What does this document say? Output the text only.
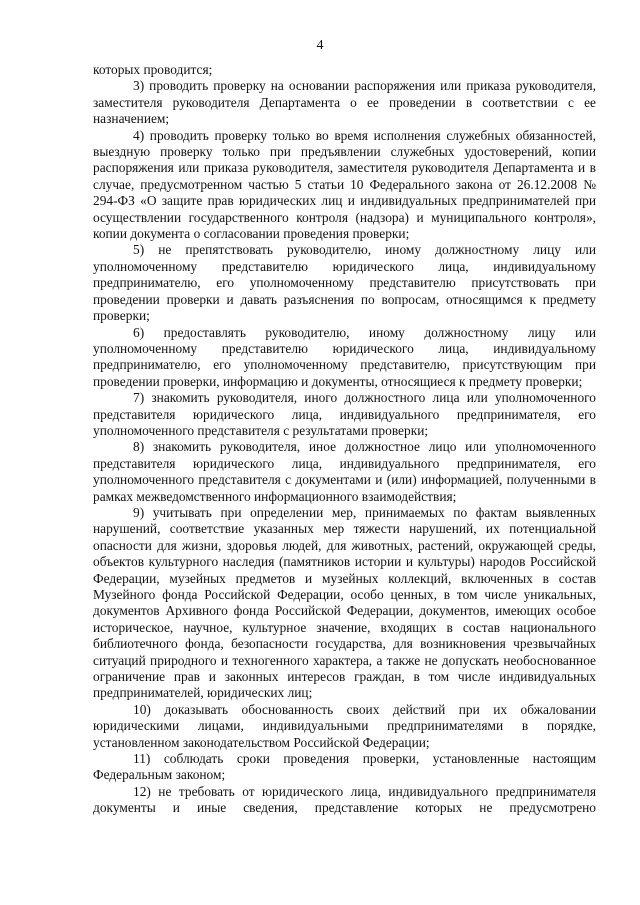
4

которых проводится;

3) проводить проверку на основании распоряжения или приказа руководителя, заместителя руководителя Департамента о ее проведении в соответствии с ее назначением;

4) проводить проверку только во время исполнения служебных обязанностей, выездную проверку только при предъявлении служебных удостоверений, копии распоряжения или приказа руководителя, заместителя руководителя Департамента и в случае, предусмотренном частью 5 статьи 10 Федерального закона от 26.12.2008 № 294-ФЗ «О защите прав юридических лиц и индивидуальных предпринимателей при осуществлении государственного контроля (надзора) и муниципального контроля», копии документа о согласовании проведения проверки;

5) не препятствовать руководителю, иному должностному лицу или уполномоченному представителю юридического лица, индивидуальному предпринимателю, его уполномоченному представителю присутствовать при проведении проверки и давать разъяснения по вопросам, относящимся к предмету проверки;

6) предоставлять руководителю, иному должностному лицу или уполномоченному представителю юридического лица, индивидуальному предпринимателю, его уполномоченному представителю, присутствующим при проведении проверки, информацию и документы, относящиеся к предмету проверки;

7) знакомить руководителя, иного должностного лица или уполномоченного представителя юридического лица, индивидуального предпринимателя, его уполномоченного представителя с результатами проверки;

8) знакомить руководителя, иное должностное лицо или уполномоченного представителя юридического лица, индивидуального предпринимателя, его уполномоченного представителя с документами и (или) информацией, полученными в рамках межведомственного информационного взаимодействия;

9) учитывать при определении мер, принимаемых по фактам выявленных нарушений, соответствие указанных мер тяжести нарушений, их потенциальной опасности для жизни, здоровья людей, для животных, растений, окружающей среды, объектов культурного наследия (памятников истории и культуры) народов Российской Федерации, музейных предметов и музейных коллекций, включенных в состав Музейного фонда Российской Федерации, особо ценных, в том числе уникальных, документов Архивного фонда Российской Федерации, документов, имеющих особое историческое, научное, культурное значение, входящих в состав национального библиотечного фонда, безопасности государства, для возникновения чрезвычайных ситуаций природного и техногенного характера, а также не допускать необоснованное ограничение прав и законных интересов граждан, в том числе индивидуальных предпринимателей, юридических лиц;

10) доказывать обоснованность своих действий при их обжаловании юридическими лицами, индивидуальными предпринимателями в порядке, установленном законодательством Российской Федерации;

11) соблюдать сроки проведения проверки, установленные настоящим Федеральным законом;

12) не требовать от юридического лица, индивидуального предпринимателя документы и иные сведения, представление которых не предусмотрено
